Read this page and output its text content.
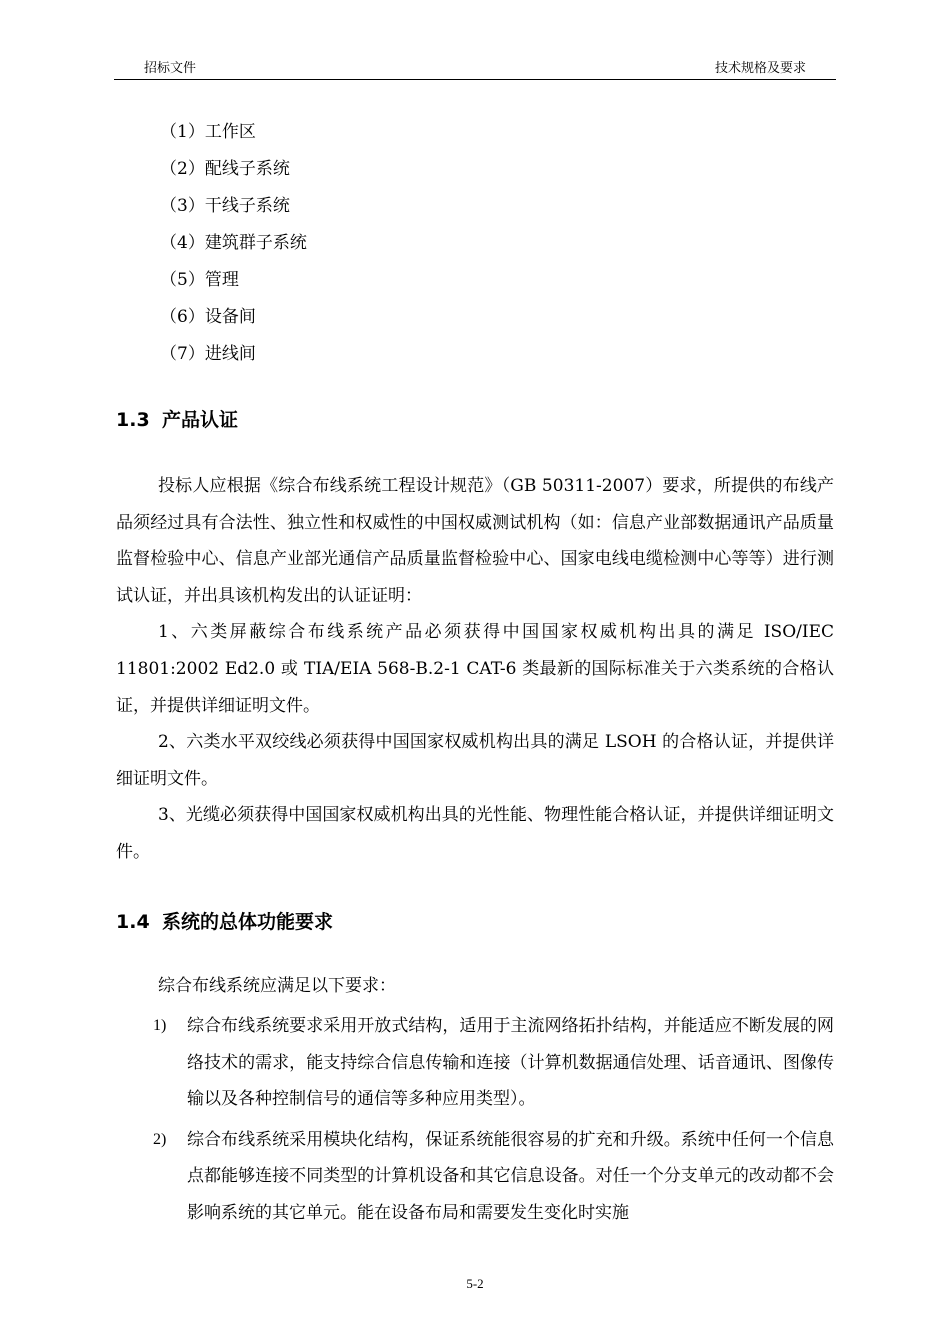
招标文件	技术规格及要求
（1）工作区
（2）配线子系统
（3）干线子系统
（4）建筑群子系统
（5）管理
（6）设备间
（7）进线间
1.3 产品认证

投标人应根据《综合布线系统工程设计规范》（GB 50311-2007）要求，所提供的布线产品须经过具有合法性、独立性和权威性的中国权威测试机构（如：信息产业部数据通讯产品质量监督检验中心、信息产业部光通信产品质量监督检验中心、国家电线电缆检测中心等等）进行测试认证，并出具该机构发出的认证证明：

1、六类屏蔽综合布线系统产品必须获得中国国家权威机构出具的满足 ISO/IEC 11801:2002 Ed2.0 或 TIA/EIA 568-B.2-1 CAT-6 类最新的国际标准关于六类系统的合格认证，并提供详细证明文件。

2、六类水平双绞线必须获得中国国家权威机构出具的满足 LSOH 的合格认证，并提供详细证明文件。

3、光缆必须获得中国国家权威机构出具的光性能、物理性能合格认证，并提供详细证明文件。

1.4 系统的总体功能要求

综合布线系统应满足以下要求：

1) 综合布线系统要求采用开放式结构，适用于主流网络拓扑结构，并能适应不断发展的网络技术的需求，能支持综合信息传输和连接（计算机数据通信处理、话音通讯、图像传输以及各种控制信号的通信等多种应用类型）。
2) 综合布线系统采用模块化结构，保证系统能很容易的扩充和升级。系统中任何一个信息点都能够连接不同类型的计算机设备和其它信息设备。对任一个分支单元的改动都不会影响系统的其它单元。能在设备布局和需要发生变化时实施
5-2
